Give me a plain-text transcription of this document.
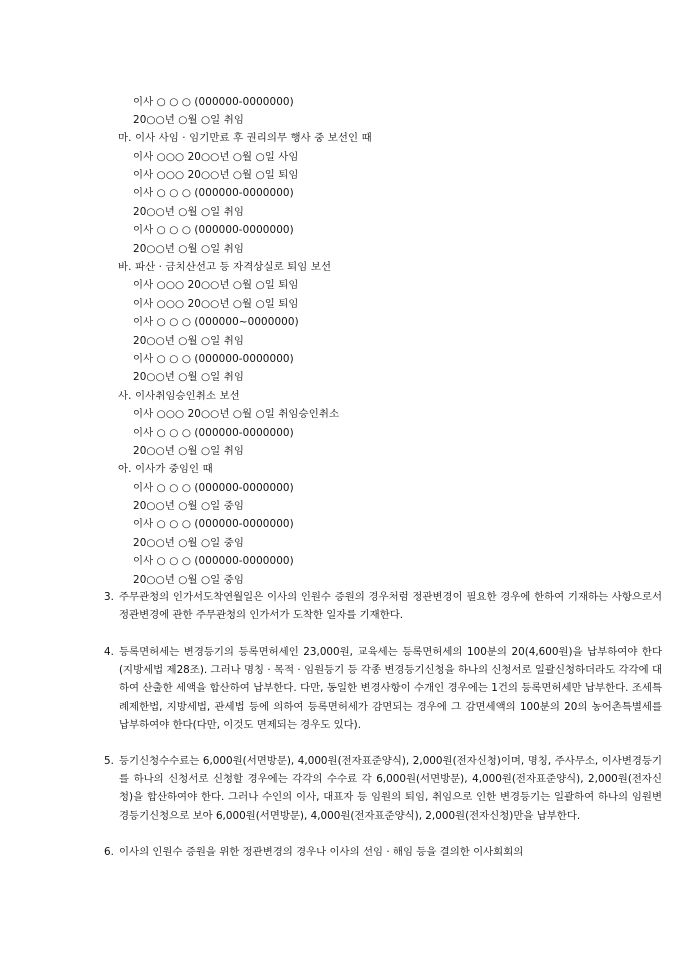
이사 ○ ○ ○ (000000-0000000)
20○○년 ○월 ○일 취임
마. 이사 사임 · 임기만료 후 권리의무 행사 중 보선인 때
이사 ○○○ 20○○년 ○월 ○일 사임
이사 ○○○ 20○○년 ○월 ○일 퇴임
이사 ○ ○ ○ (000000-0000000)
20○○년 ○월 ○일 취임
이사 ○ ○ ○ (000000-0000000)
20○○년 ○월 ○일 취임
바. 파산 · 금치산선고 등 자격상실로 퇴임 보선
이사 ○○○ 20○○년 ○월 ○일 퇴임
이사 ○○○ 20○○년 ○월 ○일 퇴임
이사 ○ ○ ○ (000000~0000000)
20○○년 ○월 ○일 취임
이사 ○ ○ ○ (000000-0000000)
20○○년 ○월 ○일 취임
사. 이사취임승인취소 보선
이사 ○○○ 20○○년 ○월 ○일 취임승인취소
이사 ○ ○ ○ (000000-0000000)
20○○년 ○월 ○일 취임
아. 이사가 중임인 때
이사 ○ ○ ○ (000000-0000000)
20○○년 ○월 ○일 중임
이사 ○ ○ ○ (000000-0000000)
20○○년 ○월 ○일 중임
이사 ○ ○ ○ (000000-0000000)
20○○년 ○월 ○일 중임
3. 주무관청의 인가서도착연월일은 이사의 인원수 증원의 경우처럼 정관변경이 필요한 경우에 한하여 기재하는 사항으로서 정관변경에 관한 주무관청의 인가서가 도착한 일자를 기재한다.
4. 등록면허세는 변경등기의 등록면허세인 23,000원, 교육세는 등록면허세의 100분의 20(4,600원)을 납부하여야 한다(지방세법 제28조). 그러나 명칭 · 목적 · 임원등기 등 각종 변경등기신청을 하나의 신청서로 일괄신청하더라도 각각에 대하여 산출한 세액을 합산하여 납부한다. 다만, 동일한 변경사항이 수개인 경우에는 1건의 등록면허세만 납부한다. 조세특례제한법, 지방세법, 관세법 등에 의하여 등록면허세가 감면되는 경우에 그 감면세액의 100분의 20의 농어촌특별세를 납부하여야 한다(다만, 이것도 면제되는 경우도 있다).
5. 등기신청수수료는 6,000원(서면방문), 4,000원(전자표준양식), 2,000원(전자신청)이며, 명칭, 주사무소, 이사변경등기를 하나의 신청서로 신청할 경우에는 각각의 수수료 각 6,000원(서면방문), 4,000원(전자표준양식), 2,000원(전자신청)을 합산하여야 한다. 그러나 수인의 이사, 대표자 등 임원의 퇴임, 취임으로 인한 변경등기는 일괄하여 하나의 임원변경등기신청으로 보아 6,000원(서면방문), 4,000원(전자표준양식), 2,000원(전자신청)만을 납부한다.
6. 이사의 인원수 증원을 위한 정관변경의 경우나 이사의 선임 · 해임 등을 결의한 이사회회의
